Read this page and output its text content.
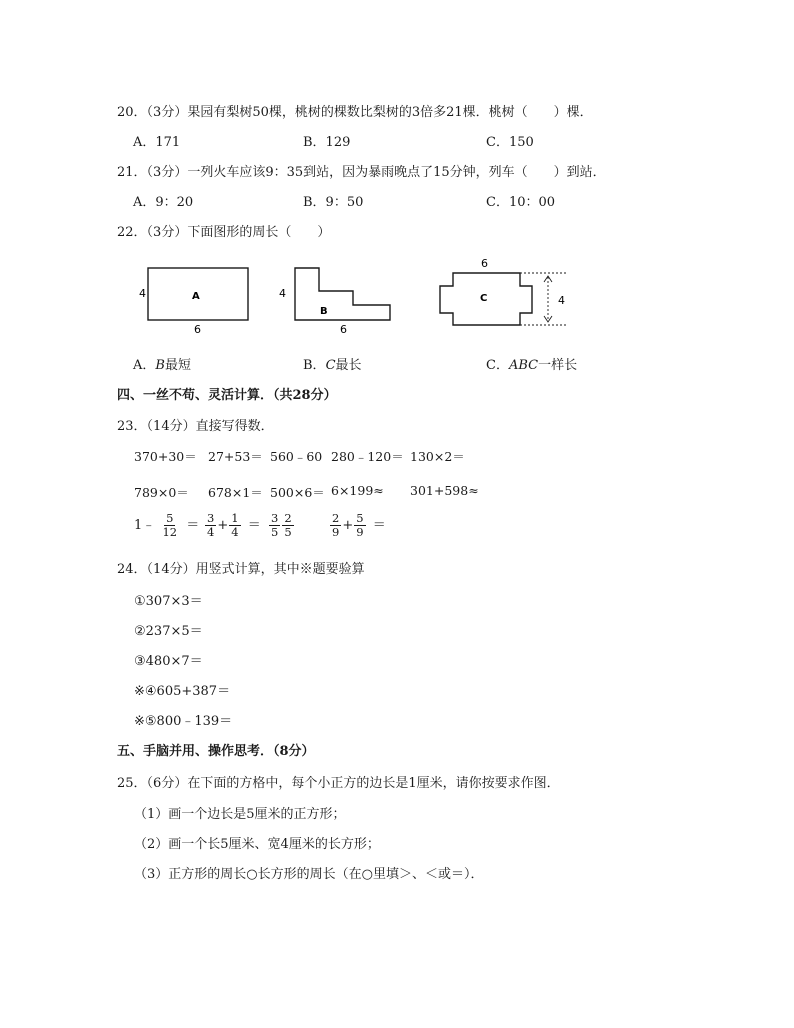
20．（3分）果园有梨树50棵，桃树的棵数比梨树的3倍多21棵．桃树（　　）棵．
A．171	B．129	C．150
21．（3分）一列火车应该9：35到站，因为暴雨晚点了15分钟，列车（　　）到站．
A．9：20	B．9：50	C．10：00
22．（3分）下面图形的周长（　　）
A
4
6
B
4
6
C
6
4
A．B最短	B．C最长	C．ABC一样长
四、一丝不苟、灵活计算．（共28分）
23．（14分）直接写得数．
370+30＝ 27+53＝ 560﹣60 280﹣120＝ 130×2＝
789×0＝ 678×1＝ 500×6＝ 6×199≈ 301+598≈
1﹣ $\frac{5}{12} = \frac{3}{4} + \frac{1}{4} = \frac{3}{5} \frac{2}{5}$	$\frac{2}{9} + \frac{5}{9}$ ＝
24．（14分）用竖式计算，其中※题要验算
①307×3＝
②237×5＝
③480×7＝
※④605+387＝
※⑤800﹣139＝
五、手脑并用、操作思考．（8分）
25．（6分）在下面的方格中，每个小正方的边长是1厘米，请你按要求作图．
（1）画一个边长是5厘米的正方形；
（2）画一个长5厘米、宽4厘米的长方形；
（3）正方形的周长○长方形的周长（在○里填＞、＜或＝）．
